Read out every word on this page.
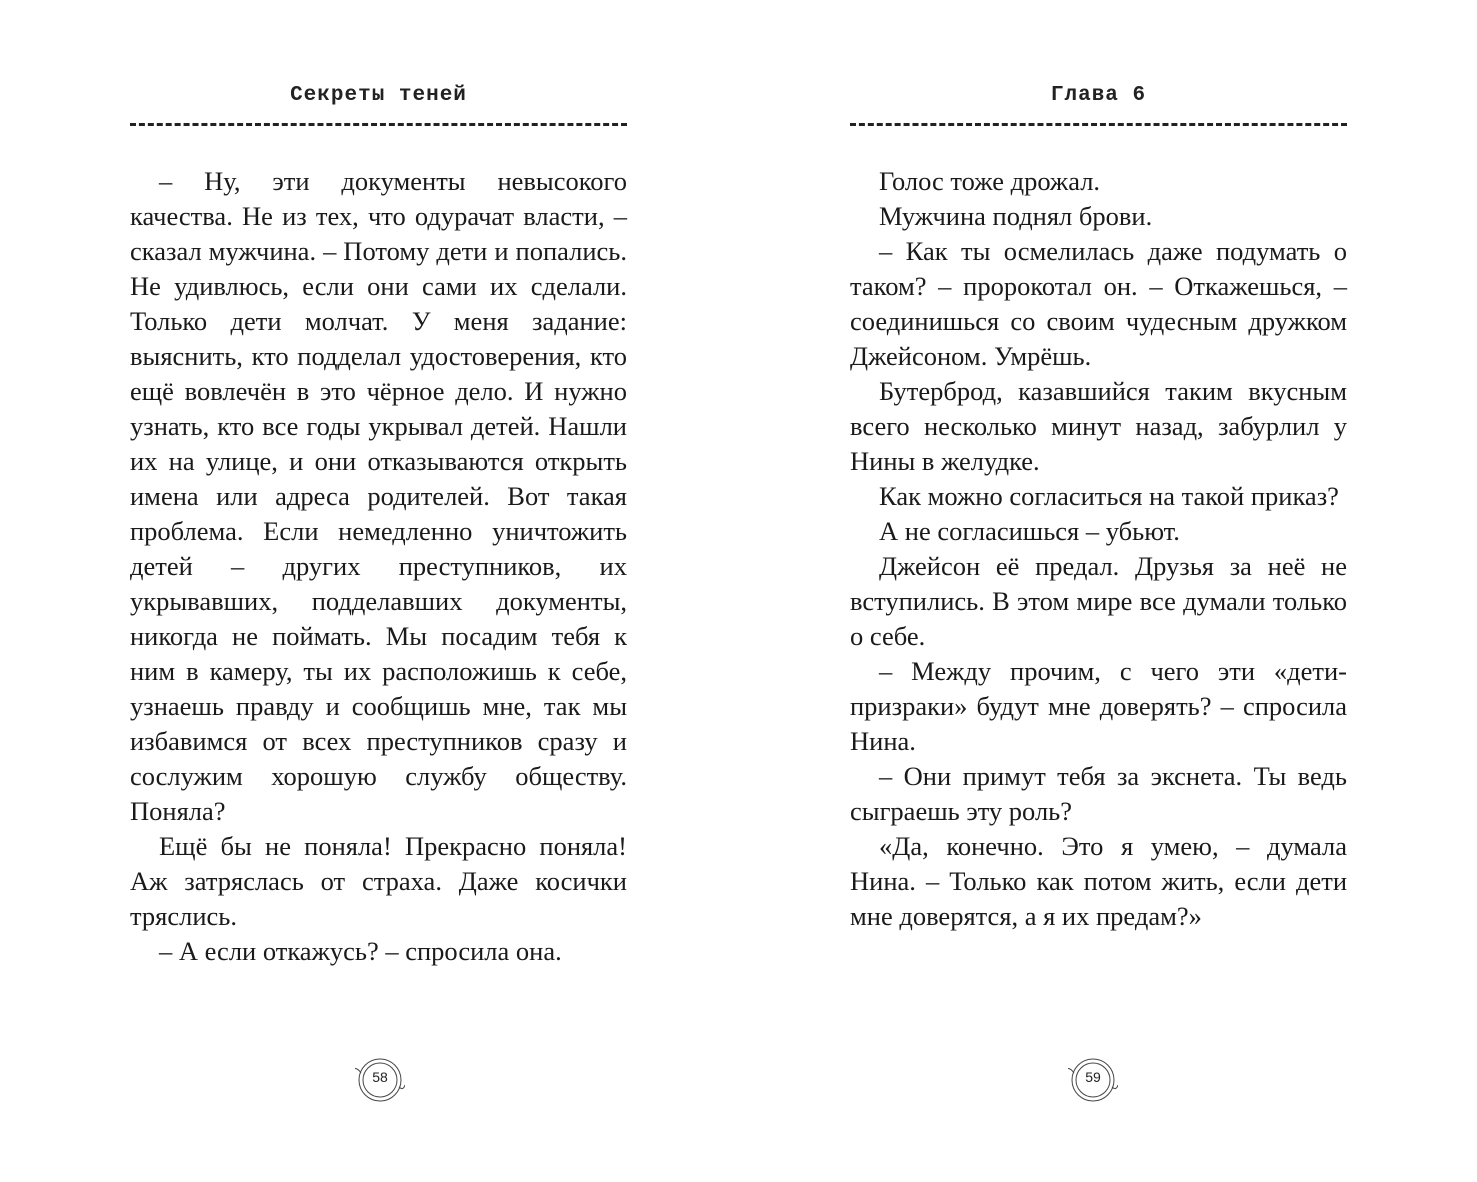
Секреты теней

– Ну, эти документы невысокого качества. Не из тех, что одурачат власти, – сказал мужчина. – Потому дети и попались. Не удивлюсь, если они сами их сделали. Только дети молчат. У меня задание: выяснить, кто подделал удостоверения, кто ещё вовлечён в это чёрное дело. И нужно узнать, кто все годы укрывал детей. Нашли их на улице, и они отказываются открыть имена или адреса родителей. Вот такая проблема. Если немедленно уничтожить детей – других преступников, их укрывавших, подделавших документы, никогда не поймать. Мы посадим тебя к ним в камеру, ты их расположишь к себе, узнаешь правду и сообщишь мне, так мы избавимся от всех преступников сразу и сослужим хорошую службу обществу. Поняла?

Ещё бы не поняла! Прекрасно поняла! Аж затряслась от страха. Даже косички тряслись.

– А если откажусь? – спросила она.

58
Глава 6

Голос тоже дрожал.

Мужчина поднял брови.

– Как ты осмелилась даже подумать о таком? – пророкотал он. – Откажешься, – соединишься со своим чудесным дружком Джейсоном. Умрёшь.

Бутерброд, казавшийся таким вкусным всего несколько минут назад, забурлил у Нины в желудке.

Как можно согласиться на такой приказ?

А не согласишься – убьют.

Джейсон её предал. Друзья за неё не вступились. В этом мире все думали только о себе.

– Между прочим, с чего эти «дети-призраки» будут мне доверять? – спросила Нина.

– Они примут тебя за экснета. Ты ведь сыграешь эту роль?

«Да, конечно. Это я умею, – думала Нина. – Только как потом жить, если дети мне доверятся, а я их предам?»

59
